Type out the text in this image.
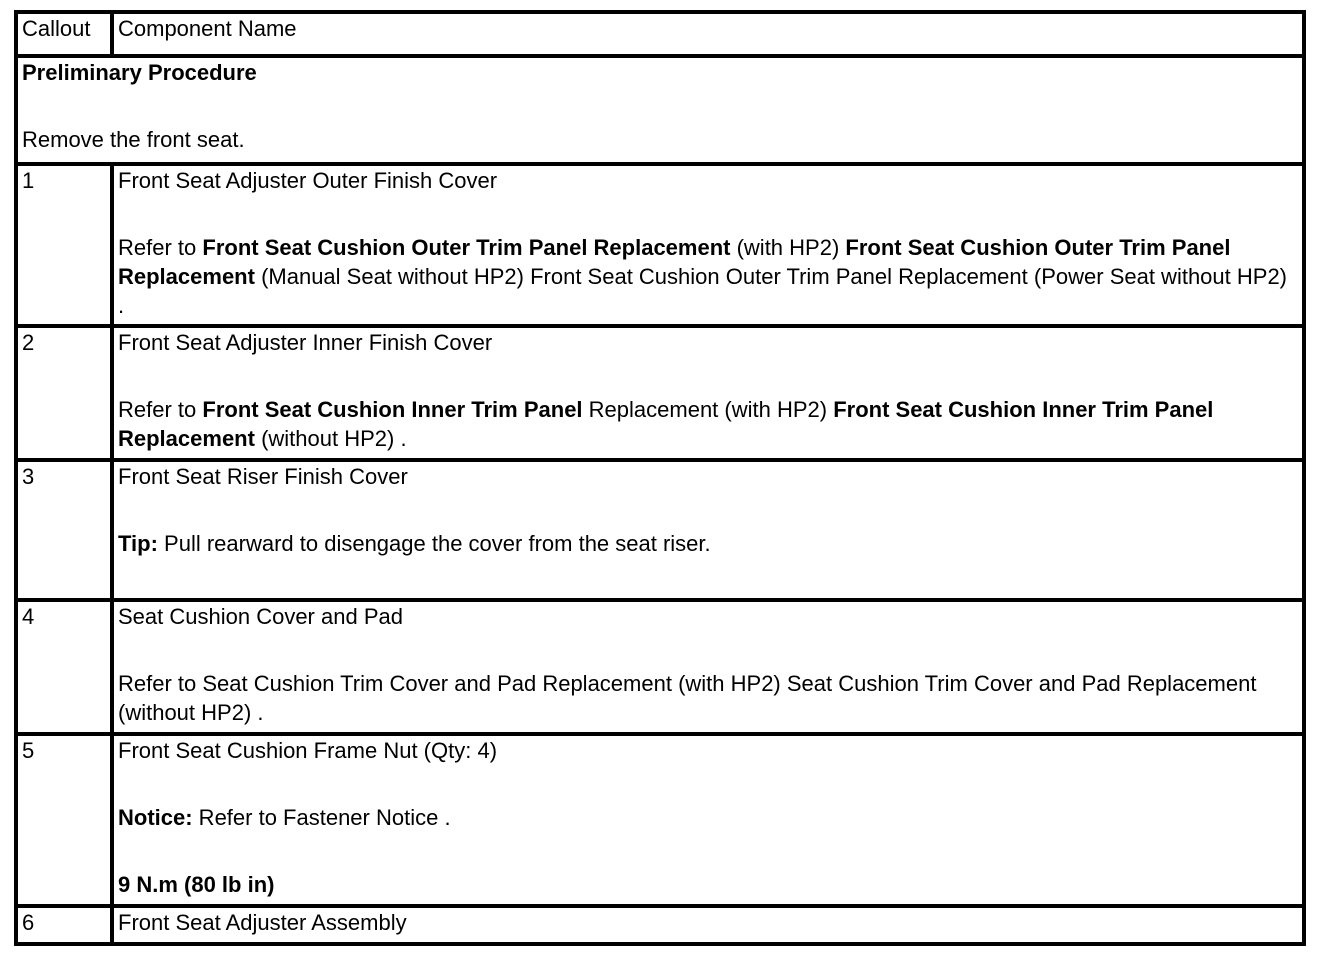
Callout	Component Name

Preliminary Procedure
Remove the front seat.	

1	Front Seat Adjuster Outer Finish Cover
Refer to Front Seat Cushion Outer Trim Panel Replacement (with HP2) Front Seat Cushion Outer Trim Panel Replacement (Manual Seat without HP2) Front Seat Cushion Outer Trim Panel Replacement (Power Seat without HP2) .

2	Front Seat Adjuster Inner Finish Cover
Refer to Front Seat Cushion Inner Trim Panel Replacement (with HP2) Front Seat Cushion Inner Trim Panel Replacement (without HP2) .

3	Front Seat Riser Finish Cover
Tip: Pull rearward to disengage the cover from the seat riser.

4	Seat Cushion Cover and Pad
Refer to Seat Cushion Trim Cover and Pad Replacement (with HP2) Seat Cushion Trim Cover and Pad Replacement (without HP2) .

5	Front Seat Cushion Frame Nut (Qty: 4)
Notice: Refer to Fastener Notice .
9 N.m (80 lb in)

6	Front Seat Adjuster Assembly
